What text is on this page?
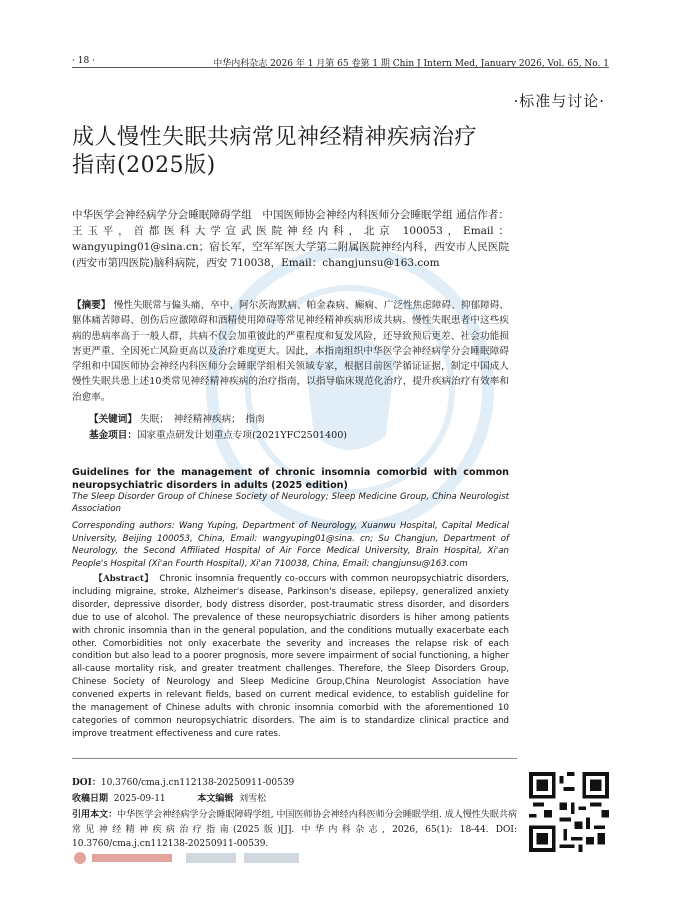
· 18 ·	中华内科杂志 2026 年 1 月第 65 卷第 1 期 Chin J Intern Med, January 2026, Vol. 65, No. 1
·标准与讨论·
成人慢性失眠共病常见神经精神疾病治疗
指南(2025版)
中华医学会神经病学分会睡眠障碍学组　中国医师协会神经内科医师分会睡眠学组 通信作者：王玉平，首都医科大学宣武医院神经内科，北京 100053，Email：wangyuping01@sina.cn；宿长军，空军军医大学第二附属医院神经内科，西安市人民医院(西安市第四医院)脑科病院，西安 710038，Email：changjunsu@163.com
【摘要】 慢性失眠常与偏头痛、卒中、阿尔茨海默病、帕金森病、癫痫、广泛性焦虑障碍、抑郁障碍、躯体痛苦障碍、创伤后应激障碍和酒精使用障碍等常见神经精神疾病形成共病。慢性失眠患者中这些疾病的患病率高于一般人群，共病不仅会加重彼此的严重程度和复发风险，还导致预后更差、社会功能损害更严重、全因死亡风险更高以及治疗难度更大。因此，本指南组织中华医学会神经病学分会睡眠障碍学组和中国医师协会神经内科医师分会睡眠学组相关领域专家，根据目前医学循证证据，制定中国成人慢性失眠共患上述10类常见神经精神疾病的治疗指南，以指导临床规范化治疗，提升疾病治疗有效率和治愈率。
【关键词】 失眠；　神经精神疾病；　指南
基金项目：国家重点研发计划重点专项(2021YFC2501400)
Guidelines for the management of chronic insomnia comorbid with common neuropsychiatric disorders in adults (2025 edition)
The Sleep Disorder Group of Chinese Society of Neurology; Sleep Medicine Group, China Neurologist Association
Corresponding authors: Wang Yuping, Department of Neurology, Xuanwu Hospital, Capital Medical University, Beijing 100053, China, Email: wangyuping01@sina. cn; Su Changjun, Department of Neurology, the Second Affiliated Hospital of Air Force Medical University, Brain Hospital, Xi'an People's Hospital (Xi'an Fourth Hospital), Xi'an 710038, China, Email: changjunsu@163.com
【Abstract】 Chronic insomnia frequently co-occurs with common neuropsychiatric disorders, including migraine, stroke, Alzheimer's disease, Parkinson's disease, epilepsy, generalized anxiety disorder, depressive disorder, body distress disorder, post-traumatic stress disorder, and disorders due to use of alcohol. The prevalence of these neuropsychiatric disorders is hiher among patients with chronic insomnia than in the general population, and the conditions mutually exacerbate each other. Comorbidities not only exacerbate the severity and increases the relapse risk of each condition but also lead to a poorer prognosis, more severe impairment of social functioning, a higher all-cause mortality risk, and greater treatment challenges. Therefore, the Sleep Disorders Group, Chinese Society of Neurology and Sleep Medicine Group,China Neurologist Association have convened experts in relevant fields, based on current medical evidence, to establish guideline for the management of Chinese adults with chronic insomnia comorbid with the aforementioned 10 categories of common neuropsychiatric disorders. The aim is to standardize clinical practice and improve treatment effectiveness and cure rates.
DOI：10.3760/cma.j.cn112138-20250911-00539
收稿日期 2025-09-11	本文编辑 刘雪松
引用本文：中华医学会神经病学分会睡眠障碍学组, 中国医师协会神经内科医师分会睡眠学组. 成人慢性失眠共病常见神经精神疾病治疗指南(2025版)[J]. 中华内科杂志, 2026, 65(1): 18-44. DOI: 10.3760/cma.j.cn112138-20250911-00539.
